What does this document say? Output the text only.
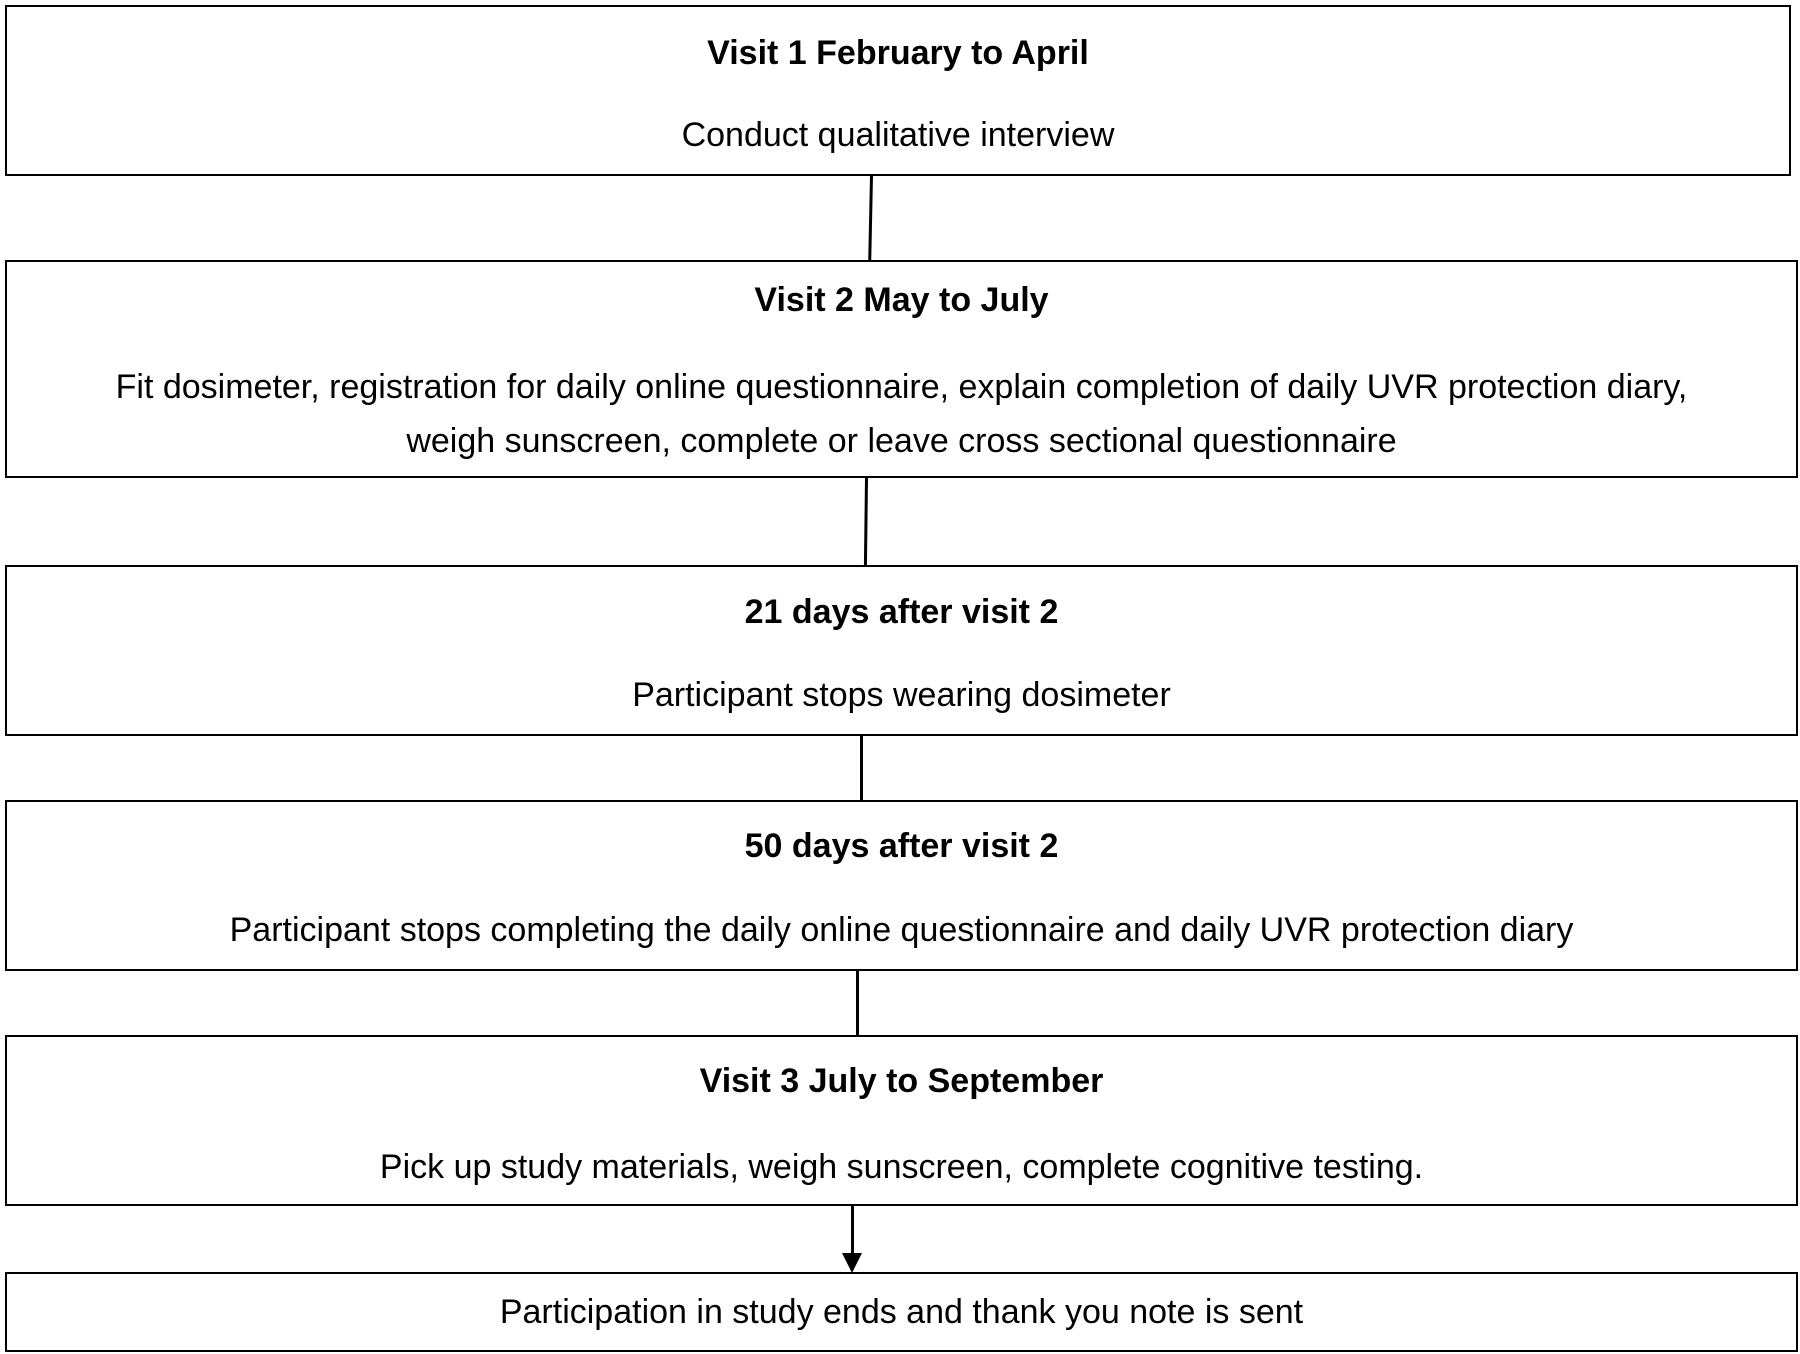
Visit 1 February to April
Conduct qualitative interview
Visit 2 May to July
Fit dosimeter, registration for daily online questionnaire, explain completion of daily UVR protection diary,
weigh sunscreen, complete or leave cross sectional questionnaire
21 days after visit 2
Participant stops wearing dosimeter
50 days after visit 2
Participant stops completing the daily online questionnaire and daily UVR protection diary
Visit 3 July to September
Pick up study materials, weigh sunscreen, complete cognitive testing.
Participation in study ends and thank you note is sent
